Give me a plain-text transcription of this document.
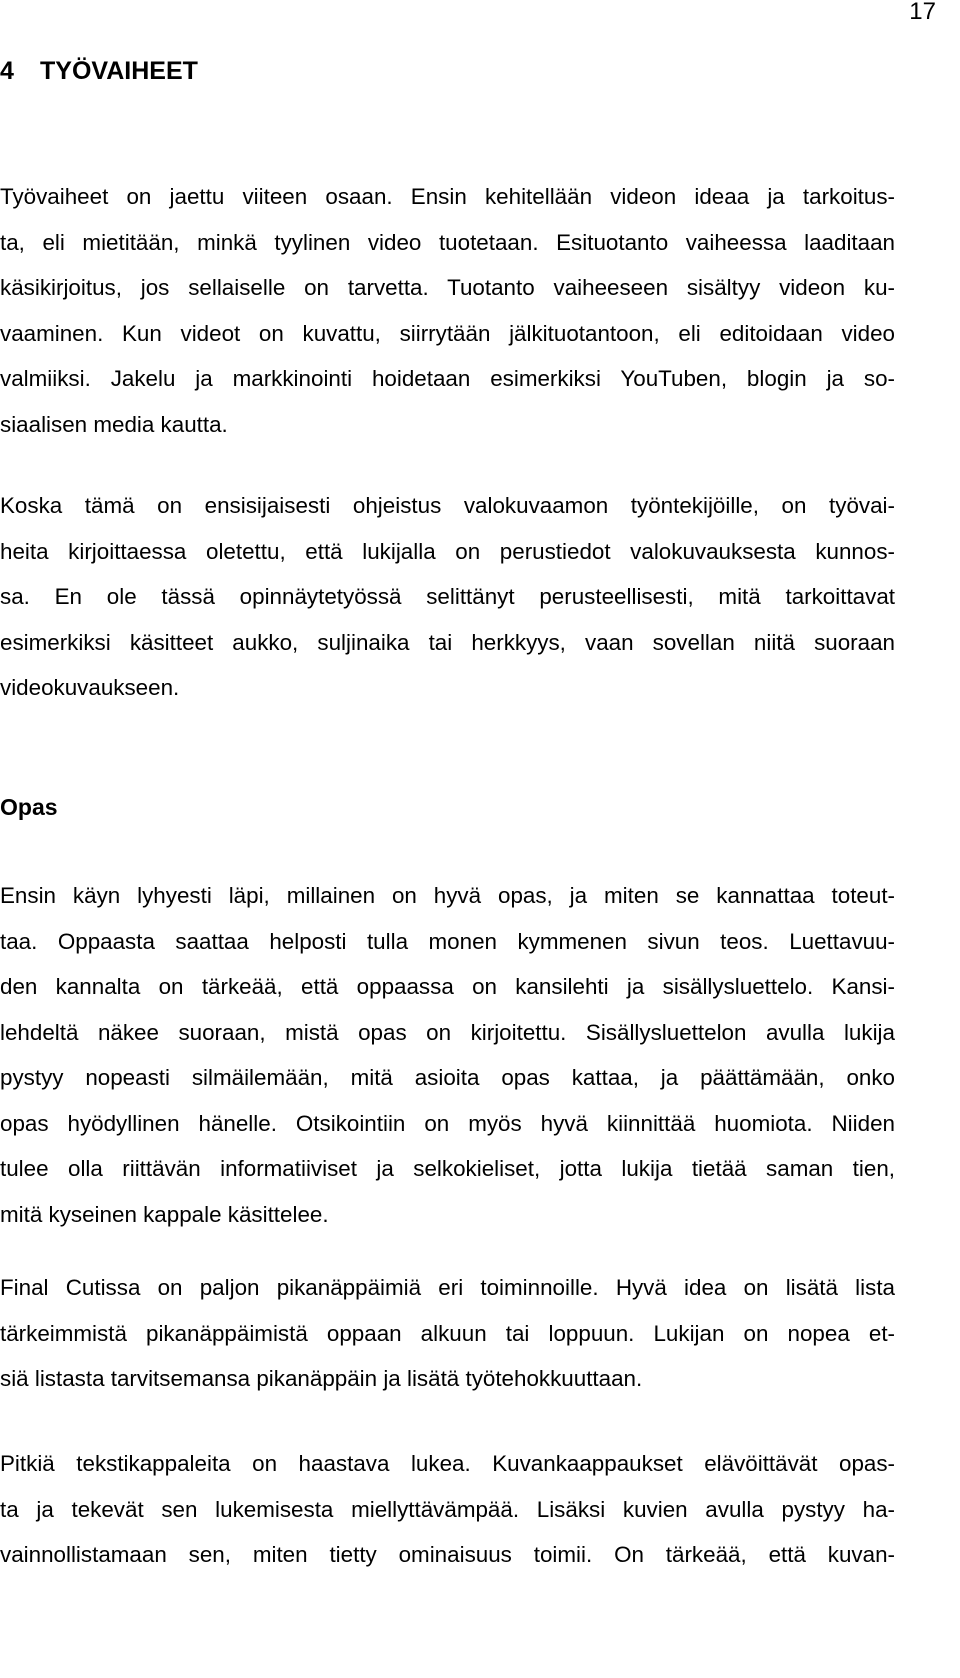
17
4 TYÖVAIHEET
Työvaiheet on jaettu viiteen osaan. Ensin kehitellään videon ideaa ja tarkoitus-
ta, eli mietitään, minkä tyylinen video tuotetaan. Esituotanto vaiheessa laaditaan
käsikirjoitus, jos sellaiselle on tarvetta. Tuotanto vaiheeseen sisältyy videon ku-
vaaminen. Kun videot on kuvattu, siirrytään jälkituotantoon, eli editoidaan video
valmiiksi. Jakelu ja markkinointi hoidetaan esimerkiksi YouTuben, blogin ja so-
siaalisen media kautta.
Koska tämä on ensisijaisesti ohjeistus valokuvaamon työntekijöille, on työvai-
heita kirjoittaessa oletettu, että lukijalla on perustiedot valokuvauksesta kunnos-
sa. En ole tässä opinnäytetyössä selittänyt perusteellisesti, mitä tarkoittavat
esimerkiksi käsitteet aukko, suljinaika tai herkkyys, vaan sovellan niitä suoraan
videokuvaukseen.
Opas
Ensin käyn lyhyesti läpi, millainen on hyvä opas, ja miten se kannattaa toteut-
taa. Oppaasta saattaa helposti tulla monen kymmenen sivun teos. Luettavuu-
den kannalta on tärkeää, että oppaassa on kansilehti ja sisällysluettelo. Kansi-
lehdeltä näkee suoraan, mistä opas on kirjoitettu. Sisällysluettelon avulla lukija
pystyy nopeasti silmäilemään, mitä asioita opas kattaa, ja päättämään, onko
opas hyödyllinen hänelle. Otsikointiin on myös hyvä kiinnittää huomiota. Niiden
tulee olla riittävän informatiiviset ja selkokieliset, jotta lukija tietää saman tien,
mitä kyseinen kappale käsittelee.
Final Cutissa on paljon pikanäppäimiä eri toiminnoille. Hyvä idea on lisätä lista
tärkeimmistä pikanäppäimistä oppaan alkuun tai loppuun. Lukijan on nopea et-
siä listasta tarvitsemansa pikanäppäin ja lisätä työtehokkuuttaan.
Pitkiä tekstikappaleita on haastava lukea. Kuvankaappaukset elävöittävät opas-
ta ja tekevät sen lukemisesta miellyttävämpää. Lisäksi kuvien avulla pystyy ha-
vainnollistamaan sen, miten tietty ominaisuus toimii. On tärkeää, että kuvan-
